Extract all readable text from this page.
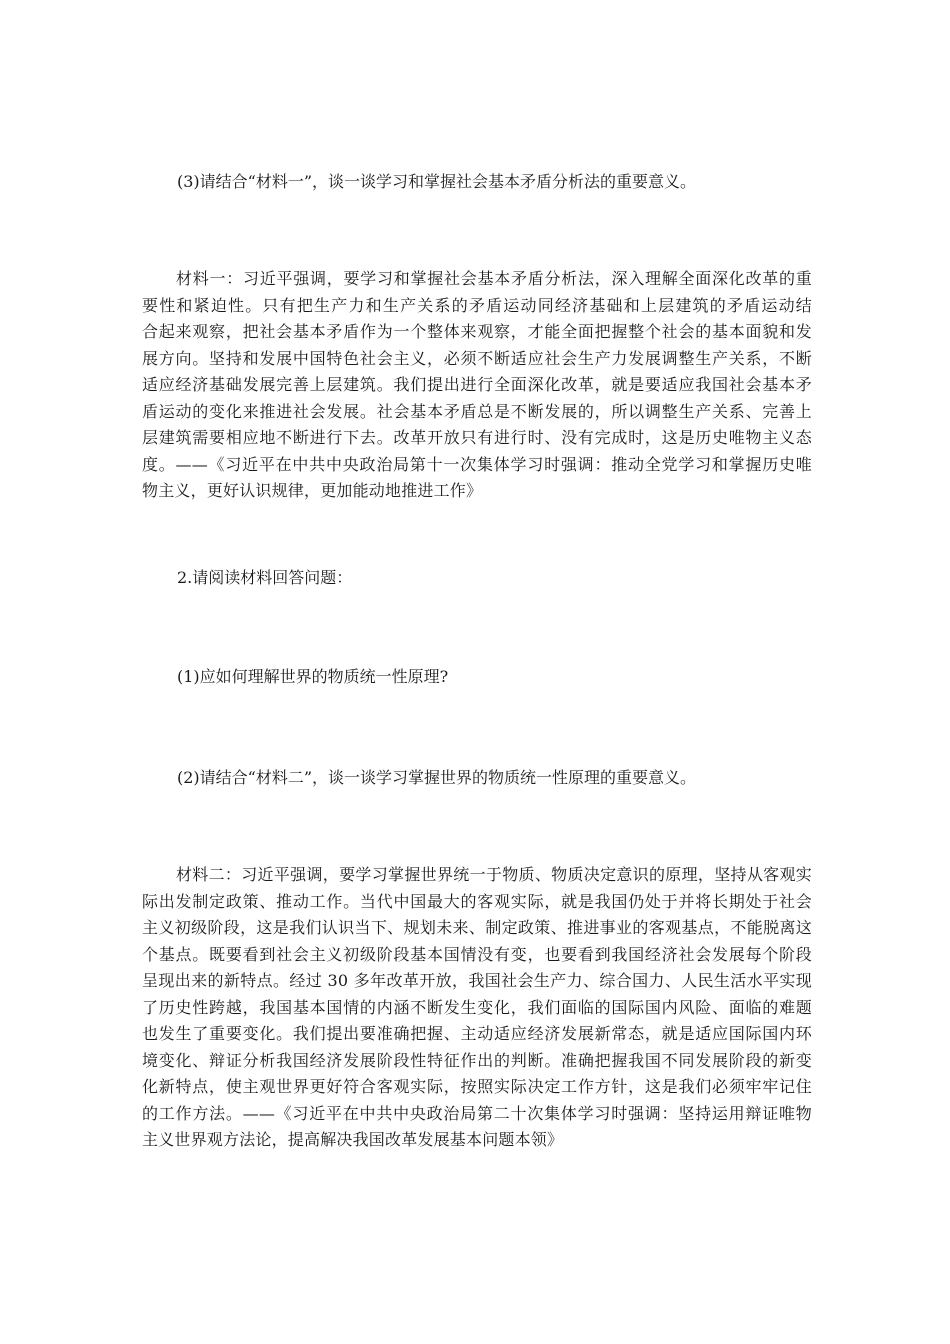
(3)请结合“材料一”，谈一谈学习和掌握社会基本矛盾分析法的重要意义。
材料一：习近平强调，要学习和掌握社会基本矛盾分析法，深入理解全面深化改革的重
要性和紧迫性。只有把生产力和生产关系的矛盾运动同经济基础和上层建筑的矛盾运动结
合起来观察，把社会基本矛盾作为一个整体来观察，才能全面把握整个社会的基本面貌和发
展方向。坚持和发展中国特色社会主义，必须不断适应社会生产力发展调整生产关系，不断
适应经济基础发展完善上层建筑。我们提出进行全面深化改革，就是要适应我国社会基本矛
盾运动的变化来推进社会发展。社会基本矛盾总是不断发展的，所以调整生产关系、完善上
层建筑需要相应地不断进行下去。改革开放只有进行时、没有完成时，这是历史唯物主义态
度。——《习近平在中共中央政治局第十一次集体学习时强调：推动全党学习和掌握历史唯
物主义，更好认识规律，更加能动地推进工作》
2.请阅读材料回答问题：
(1)应如何理解世界的物质统一性原理?
(2)请结合“材料二”，谈一谈学习掌握世界的物质统一性原理的重要意义。
材料二：习近平强调，要学习掌握世界统一于物质、物质决定意识的原理，坚持从客观实
际出发制定政策、推动工作。当代中国最大的客观实际，就是我国仍处于并将长期处于社会
主义初级阶段，这是我们认识当下、规划未来、制定政策、推进事业的客观基点，不能脱离这
个基点。既要看到社会主义初级阶段基本国情没有变，也要看到我国经济社会发展每个阶段
呈现出来的新特点。经过 30 多年改革开放，我国社会生产力、综合国力、人民生活水平实现
了历史性跨越，我国基本国情的内涵不断发生变化，我们面临的国际国内风险、面临的难题
也发生了重要变化。我们提出要准确把握、主动适应经济发展新常态，就是适应国际国内环
境变化、辩证分析我国经济发展阶段性特征作出的判断。准确把握我国不同发展阶段的新变
化新特点，使主观世界更好符合客观实际，按照实际决定工作方针，这是我们必须牢牢记住
的工作方法。——《习近平在中共中央政治局第二十次集体学习时强调：坚持运用辩证唯物
主义世界观方法论，提高解决我国改革发展基本问题本领》
